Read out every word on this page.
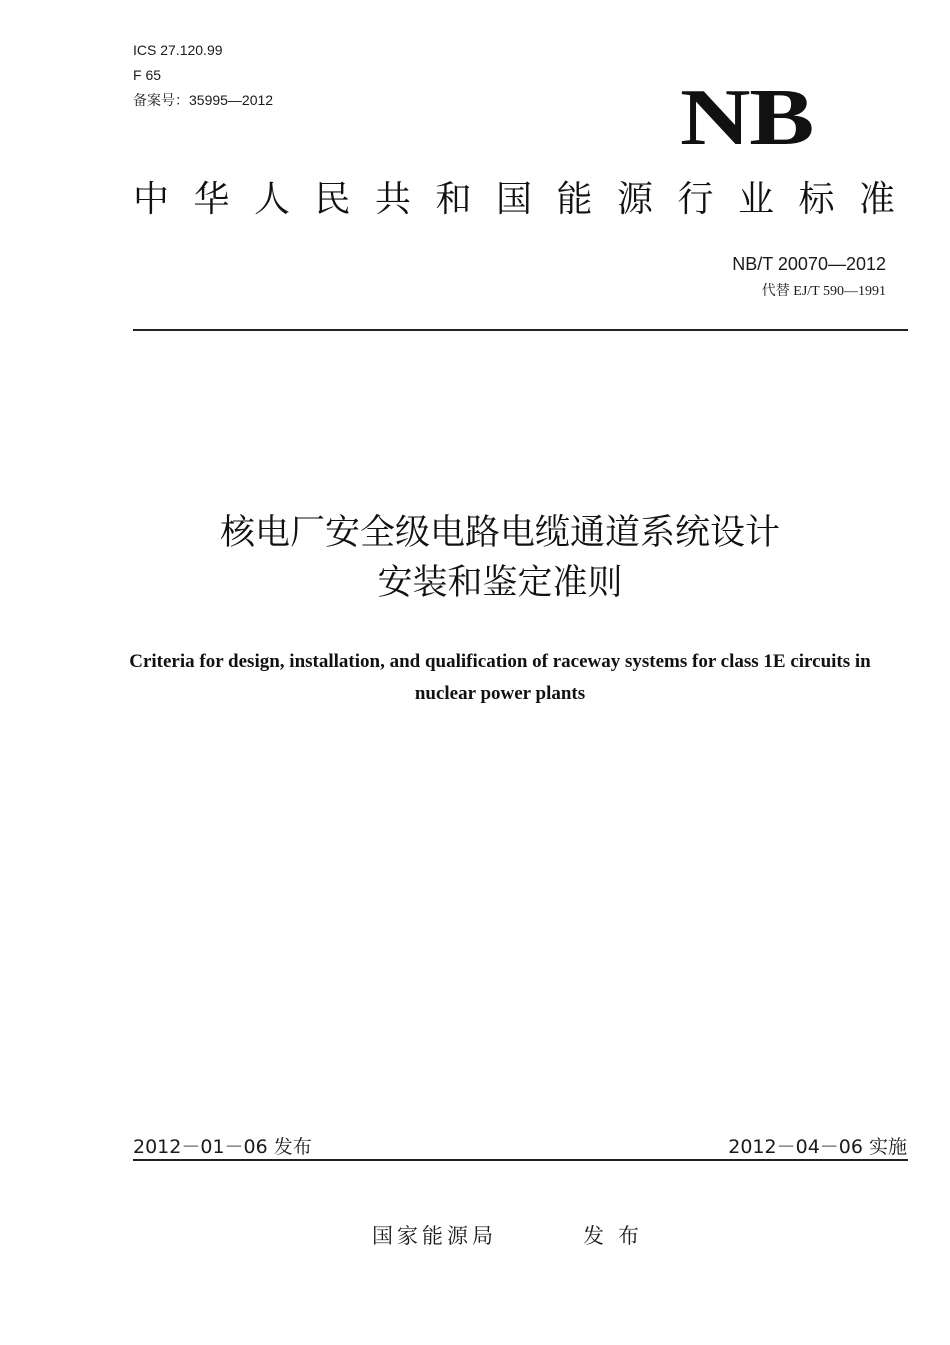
ICS 27.120.99
F 65
备案号：35995—2012	NB
中华人民共和国能源行业标准
NB/T 20070—2012
代替 EJ/T 590—1991
核电厂安全级电路电缆通道系统设计
安装和鉴定准则
Criteria for design, installation, and qualification of raceway systems for class 1E circuits in nuclear power plants
2012－01－06 发布	2012－04－06 实施
国家能源局	发布
